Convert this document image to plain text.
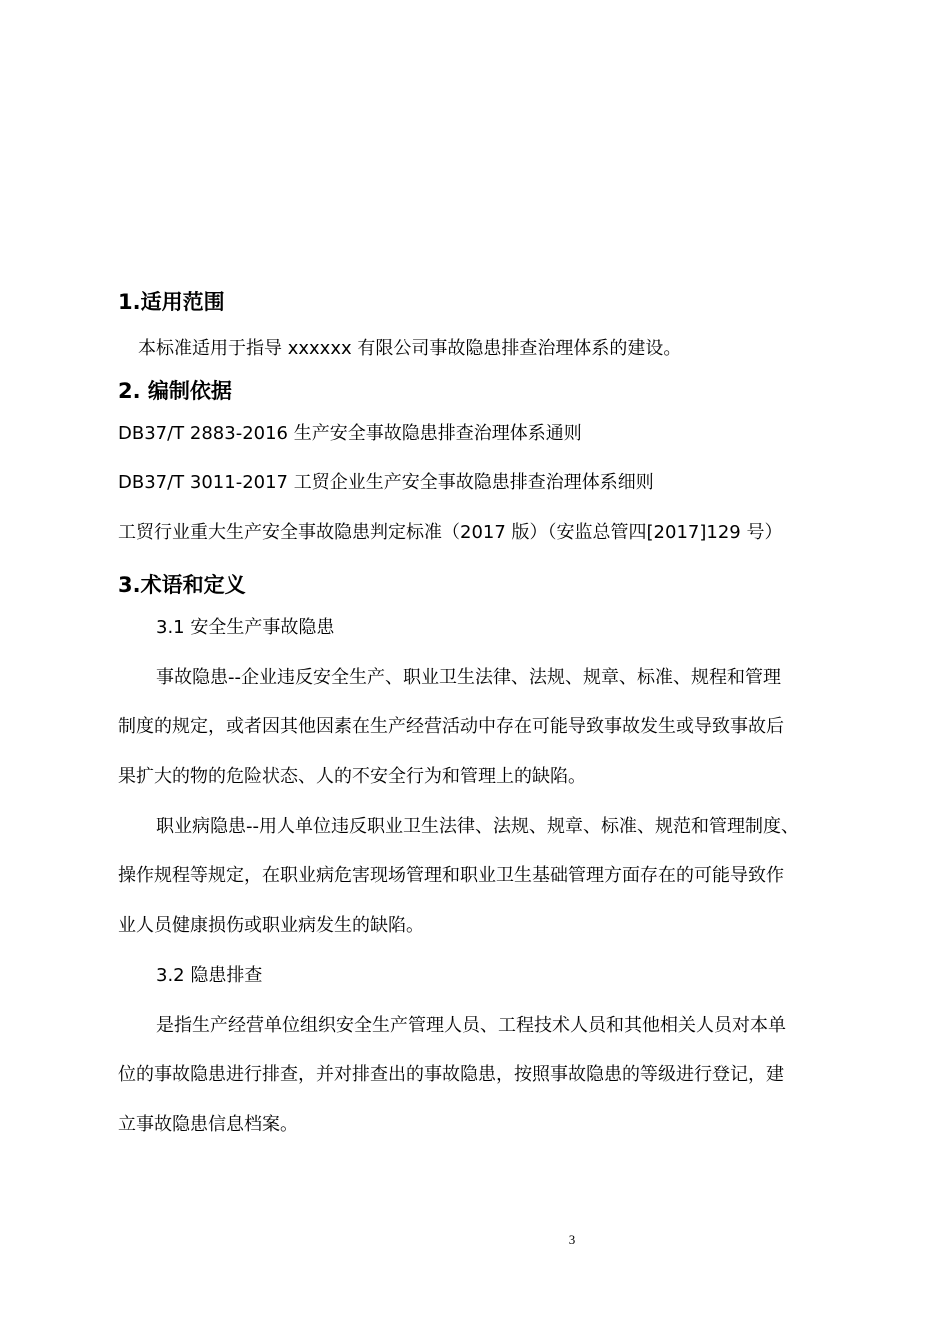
1.适用范围

本标准适用于指导 xxxxxx 有限公司事故隐患排查治理体系的建设。

2. 编制依据

DB37/T 2883-2016 生产安全事故隐患排查治理体系通则

DB37/T 3011-2017 工贸企业生产安全事故隐患排查治理体系细则

工贸行业重大生产安全事故隐患判定标准（2017 版）（安监总管四[2017]129 号）

3.术语和定义

3.1 安全生产事故隐患

事故隐患--企业违反安全生产、职业卫生法律、法规、规章、标准、规程和管理

制度的规定，或者因其他因素在生产经营活动中存在可能导致事故发生或导致事故后

果扩大的物的危险状态、人的不安全行为和管理上的缺陷。

职业病隐患--用人单位违反职业卫生法律、法规、规章、标准、规范和管理制度、

操作规程等规定，在职业病危害现场管理和职业卫生基础管理方面存在的可能导致作

业人员健康损伤或职业病发生的缺陷。

3.2 隐患排查

是指生产经营单位组织安全生产管理人员、工程技术人员和其他相关人员对本单

位的事故隐患进行排查，并对排查出的事故隐患，按照事故隐患的等级进行登记，建

立事故隐患信息档案。

3
